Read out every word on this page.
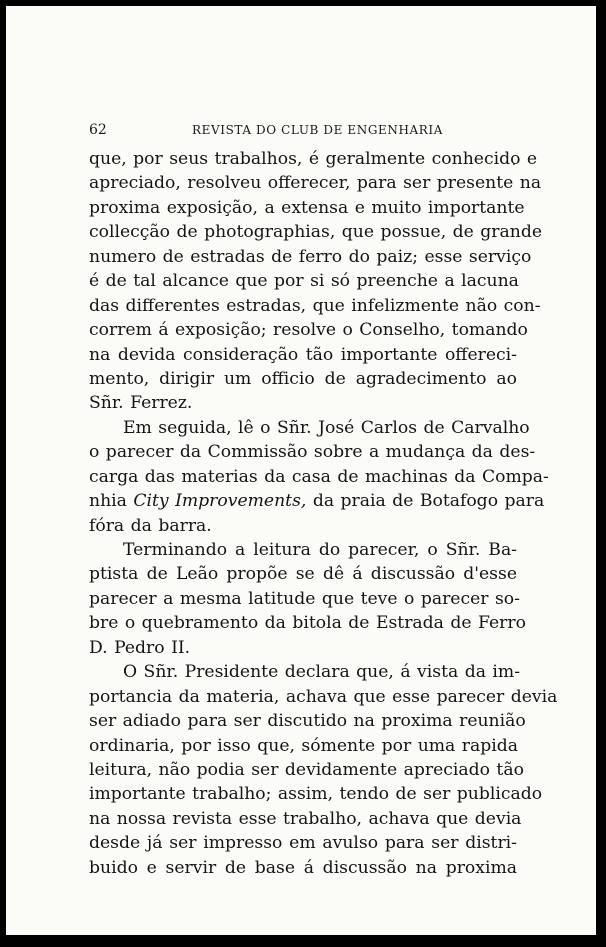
62	REVISTA DO CLUB DE ENGENHARIA
que, por seus trabalhos, é geralmente conhecido e
apreciado, resolveu offerecer, para ser presente na
proxima exposição, a extensa e muito importante
collecção de photographias, que possue, de grande
numero de estradas de ferro do paiz; esse serviço
é de tal alcance que por si só preenche a lacuna
das differentes estradas, que infelizmente não con-
correm á exposição; resolve o Conselho, tomando
na devida consideração tão importante offereci-
mento, dirigir um officio de agradecimento ao
Sñr. Ferrez.
Em seguida, lê o Sñr. José Carlos de Carvalho
o parecer da Commissão sobre a mudança da des-
carga das materias da casa de machinas da Compa-
nhia City Improvements, da praia de Botafogo para
fóra da barra.
Terminando a leitura do parecer, o Sñr. Ba-
ptista de Leão propõe se dê á discussão d'esse
parecer a mesma latitude que teve o parecer so-
bre o quebramento da bitola de Estrada de Ferro
D. Pedro II.
O Sñr. Presidente declara que, á vista da im-
portancia da materia, achava que esse parecer devia
ser adiado para ser discutido na proxima reunião
ordinaria, por isso que, sómente por uma rapida
leitura, não podia ser devidamente apreciado tão
importante trabalho; assim, tendo de ser publicado
na nossa revista esse trabalho, achava que devia
desde já ser impresso em avulso para ser distri-
buido e servir de base á discussão na proxima
